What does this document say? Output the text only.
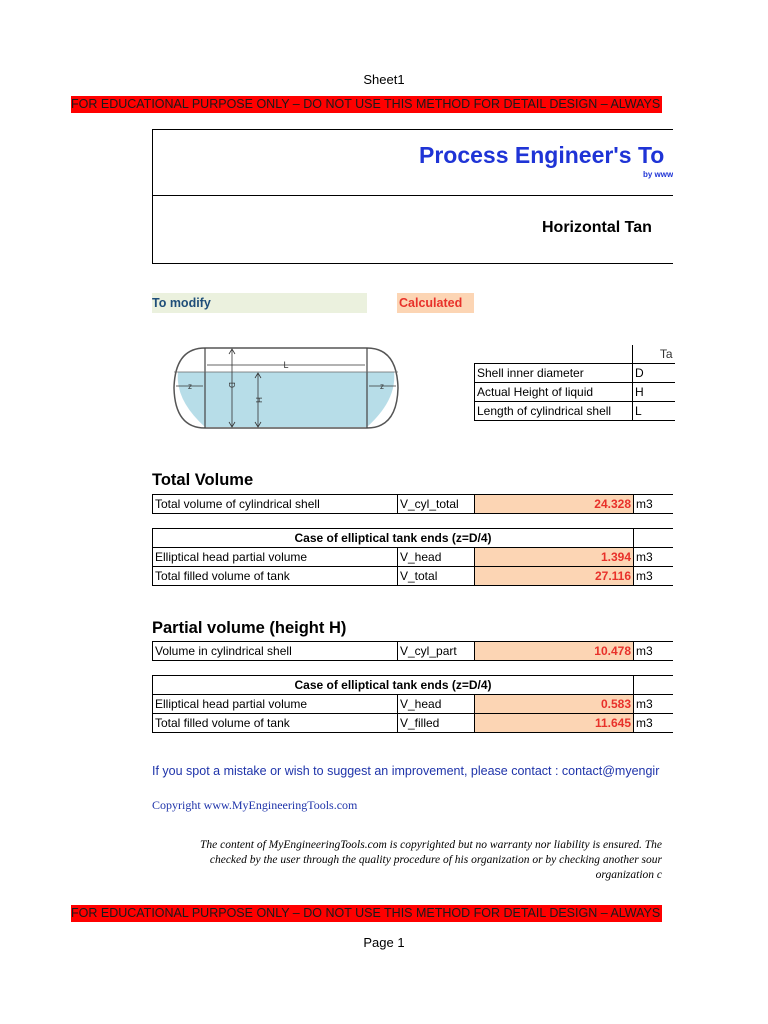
Sheet1
FOR EDUCATIONAL PURPOSE ONLY – DO NOT USE THIS METHOD FOR DETAIL DESIGN – ALWAYS
Process Engineer's To
by www
Horizontal Tan
To modify	Calculated
L
z	z
D
H
	Ta
Shell inner diameter	D
Actual Height of liquid	H
Length of cylindrical shell	L
Total Volume
Total volume of cylindrical shell	V_cyl_total	24.328	m3
Case of elliptical tank ends (z=D/4)			
Elliptical head partial volume	V_head	1.394	m3
Total filled volume of tank	V_total	27.116	m3
Partial volume (height H)
Volume in cylindrical shell	V_cyl_part	10.478	m3
Case of elliptical tank ends (z=D/4)			
Elliptical head partial volume	V_head	0.583	m3
Total filled volume of tank	V_filled	11.645	m3
If you spot a mistake or wish to suggest an improvement, please contact : contact@myengir
Copyright www.MyEngineeringTools.com
The content of MyEngineeringTools.com is copyrighted but no warranty nor liability is ensured. The
checked by the user through the quality procedure of his organization or by checking another sour
organization c
FOR EDUCATIONAL PURPOSE ONLY – DO NOT USE THIS METHOD FOR DETAIL DESIGN – ALWAYS
Page 1
